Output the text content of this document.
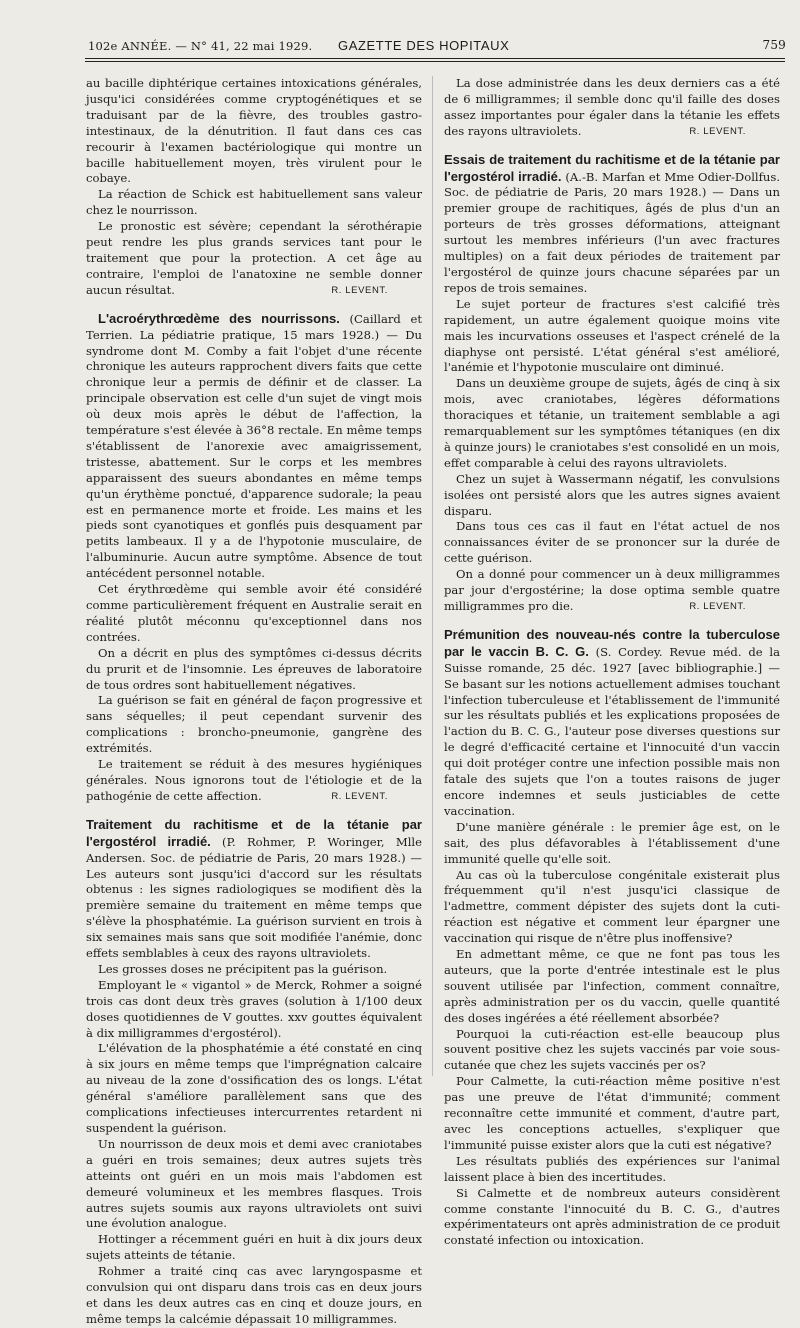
102e ANNÉE. — N° 41, 22 mai 1929. GAZETTE DES HOPITAUX	759

au bacille diphtérique certaines intoxications générales, jusqu'ici considérées comme cryptogénétiques et se traduisant par de la fièvre, des troubles gastro-intestinaux, de la dénutrition. Il faut dans ces cas recourir à l'examen bactériologique qui montre un bacille habituellement moyen, très virulent pour le cobaye.

La réaction de Schick est habituellement sans valeur chez le nourrisson.

Le pronostic est sévère; cependant la sérothérapie peut rendre les plus grands services tant pour le traitement que pour la protection. A cet âge au contraire, l'emploi de l'anatoxine ne semble donner aucun résultat.	R. LEVENT.

L'acroérythrœdème des nourrissons. (Caillard et Terrien. La pédiatrie pratique, 15 mars 1928.) — Du syndrome dont M. Comby a fait l'objet d'une récente chronique les auteurs rapprochent divers faits que cette chronique leur a permis de définir et de classer. La principale observation est celle d'un sujet de vingt mois où deux mois après le début de l'affection, la température s'est élevée à 36°8 rectale. En même temps s'établissent de l'anorexie avec amaigrissement, tristesse, abattement. Sur le corps et les membres apparaissent des sueurs abondantes en même temps qu'un érythème ponctué, d'apparence sudorale; la peau est en permanence morte et froide. Les mains et les pieds sont cyanotiques et gonflés puis desquament par petits lambeaux. Il y a de l'hypotonie musculaire, de l'albuminurie. Aucun autre symptôme. Absence de tout antécédent personnel notable.

Cet érythrœdème qui semble avoir été considéré comme particulièrement fréquent en Australie serait en réalité plutôt méconnu qu'exceptionnel dans nos contrées.

On a décrit en plus des symptômes ci-dessus décrits du prurit et de l'insomnie. Les épreuves de laboratoire de tous ordres sont habituellement négatives.

La guérison se fait en général de façon progressive et sans séquelles; il peut cependant survenir des complications : broncho-pneumonie, gangrène des extrémités.

Le traitement se réduit à des mesures hygiéniques générales. Nous ignorons tout de l'étiologie et de la pathogénie de cette affection.	R. LEVENT.

Traitement du rachitisme et de la tétanie par l'ergostérol irradié. (P. Rohmer, P. Woringer, Mlle Andersen. Soc. de pédiatrie de Paris, 20 mars 1928.) — Les auteurs sont jusqu'ici d'accord sur les résultats obtenus : les signes radiologiques se modifient dès la première semaine du traitement en même temps que s'élève la phosphatémie. La guérison survient en trois à six semaines mais sans que soit modifiée l'anémie, donc effets semblables à ceux des rayons ultraviolets.

Les grosses doses ne précipitent pas la guérison.

Employant le « vigantol » de Merck, Rohmer a soigné trois cas dont deux très graves (solution à 1/100 deux doses quotidiennes de V gouttes. xxv gouttes équivalent à dix milligrammes d'ergostérol).

L'élévation de la phosphatémie a été constaté en cinq à six jours en même temps que l'imprégnation calcaire au niveau de la zone d'ossification des os longs. L'état général s'améliore parallèlement sans que des complications infectieuses intercurrentes retardent ni suspendent la guérison.

Un nourrisson de deux mois et demi avec craniotabes a guéri en trois semaines; deux autres sujets très atteints ont guéri en un mois mais l'abdomen est demeuré volumineux et les membres flasques. Trois autres sujets soumis aux rayons ultraviolets ont suivi une évolution analogue.

Hottinger a récemment guéri en huit à dix jours deux sujets atteints de tétanie.

Rohmer a traité cinq cas avec laryngospasme et convulsion qui ont disparu dans trois cas en deux jours et dans les deux autres cas en cinq et douze jours, en même temps la calcémie dépassait 10 milligrammes.

La dose administrée dans les deux derniers cas a été de 6 milligrammes; il semble donc qu'il faille des doses assez importantes pour égaler dans la tétanie les effets des rayons ultraviolets.	R. LEVENT.

Essais de traitement du rachitisme et de la tétanie par l'ergostérol irradié. (A.-B. Marfan et Mme Odier-Dollfus. Soc. de pédiatrie de Paris, 20 mars 1928.) — Dans un premier groupe de rachitiques, âgés de plus d'un an porteurs de très grosses déformations, atteignant surtout les membres inférieurs (l'un avec fractures multiples) on a fait deux périodes de traitement par l'ergostérol de quinze jours chacune séparées par un repos de trois semaines.

Le sujet porteur de fractures s'est calcifié très rapidement, un autre également quoique moins vite mais les incurvations osseuses et l'aspect crénelé de la diaphyse ont persisté. L'état général s'est amélioré, l'anémie et l'hypotonie musculaire ont diminué.

Dans un deuxième groupe de sujets, âgés de cinq à six mois, avec craniotabes, légères déformations thoraciques et tétanie, un traitement semblable a agi remarquablement sur les symptômes tétaniques (en dix à quinze jours) le craniotabes s'est consolidé en un mois, effet comparable à celui des rayons ultraviolets.

Chez un sujet à Wassermann négatif, les convulsions isolées ont persisté alors que les autres signes avaient disparu.

Dans tous ces cas il faut en l'état actuel de nos connaissances éviter de se prononcer sur la durée de cette guérison.

On a donné pour commencer un à deux milligrammes par jour d'ergostérine; la dose optima semble quatre milligrammes pro die.	R. LEVENT.

Prémunition des nouveau-nés contre la tuberculose par le vaccin B. C. G. (S. Cordey. Revue méd. de la Suisse romande, 25 déc. 1927 [avec bibliographie.] — Se basant sur les notions actuellement admises touchant l'infection tuberculeuse et l'établissement de l'immunité sur les résultats publiés et les explications proposées de l'action du B. C. G., l'auteur pose diverses questions sur le degré d'efficacité certaine et l'innocuité d'un vaccin qui doit protéger contre une infection possible mais non fatale des sujets que l'on a toutes raisons de juger encore indemnes et seuls justiciables de cette vaccination.

D'une manière générale : le premier âge est, on le sait, des plus défavorables à l'établissement d'une immunité quelle qu'elle soit.

Au cas où la tuberculose congénitale existerait plus fréquemment qu'il n'est jusqu'ici classique de l'admettre, comment dépister des sujets dont la cuti-réaction est négative et comment leur épargner une vaccination qui risque de n'être plus inoffensive?

En admettant même, ce que ne font pas tous les auteurs, que la porte d'entrée intestinale est le plus souvent utilisée par l'infection, comment connaître, après administration per os du vaccin, quelle quantité des doses ingérées a été réellement absorbée?

Pourquoi la cuti-réaction est-elle beaucoup plus souvent positive chez les sujets vaccinés par voie sous-cutanée que chez les sujets vaccinés per os?

Pour Calmette, la cuti-réaction même positive n'est pas une preuve de l'état d'immunité; comment reconnaître cette immunité et comment, d'autre part, avec les conceptions actuelles, s'expliquer que l'immunité puisse exister alors que la cuti est négative?

Les résultats publiés des expériences sur l'animal laissent place à bien des incertitudes.

Si Calmette et de nombreux auteurs considèrent comme constante l'innocuité du B. C. G., d'autres expérimentateurs ont après administration de ce produit constaté infection ou intoxication.
